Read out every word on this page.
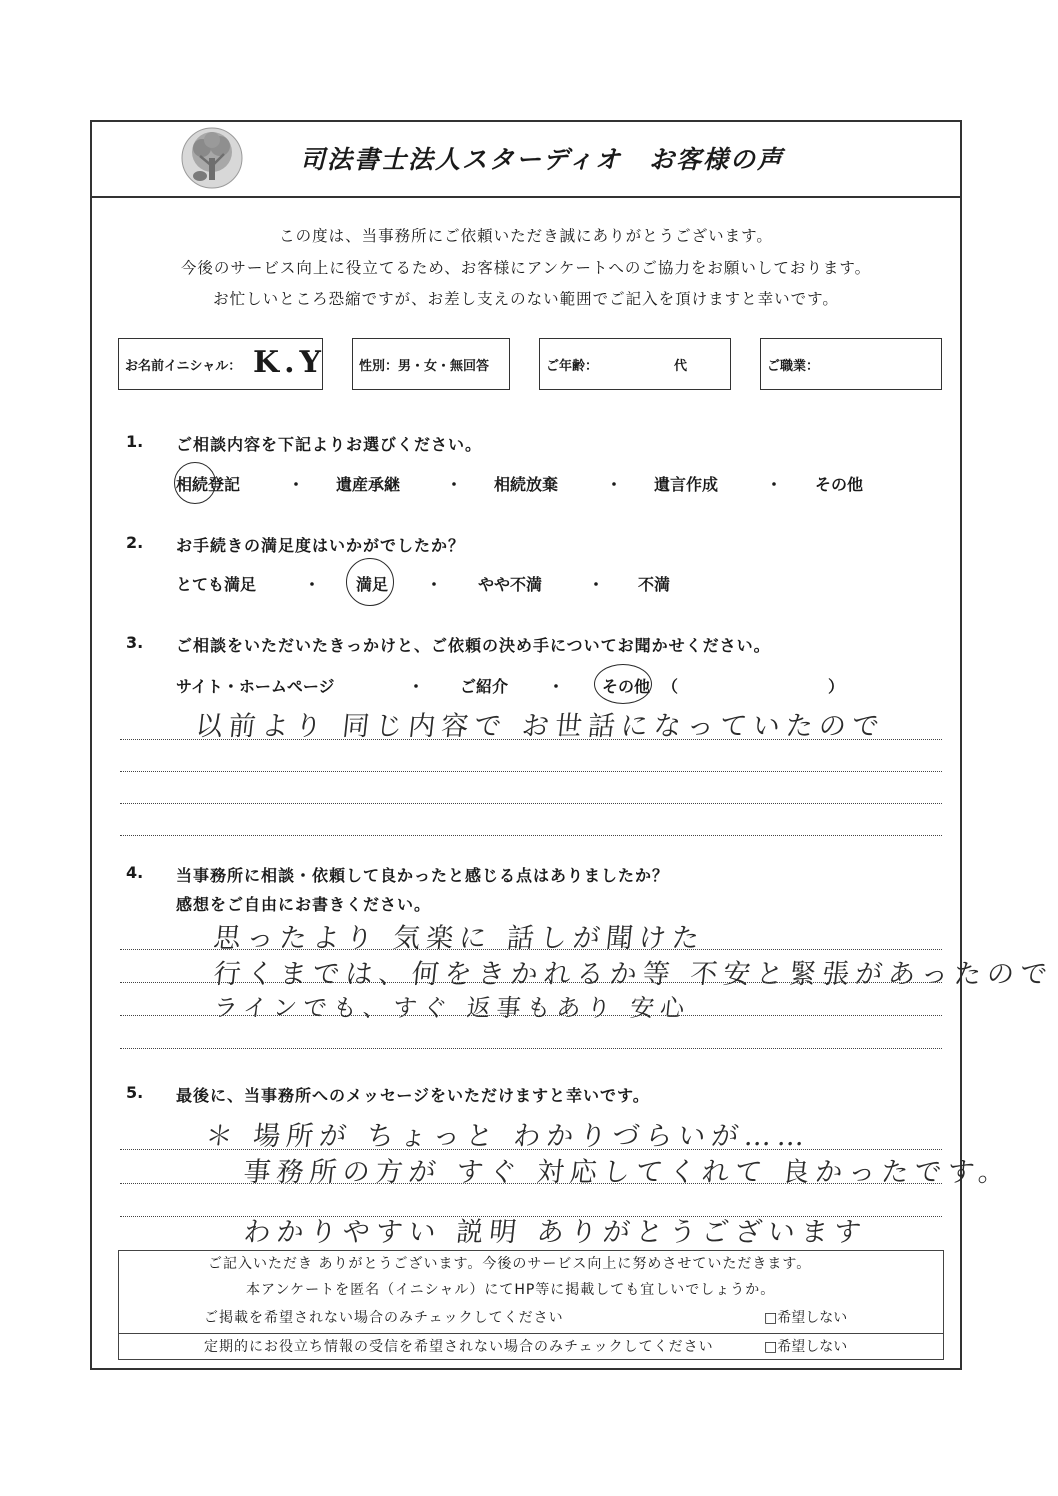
司法書士法人スターディオ　お客様の声
この度は、当事務所にご依頼いただき誠にありがとうございます。
今後のサービス向上に役立てるため、お客様にアンケートへのご協力をお願いしております。
お忙しいところ恐縮ですが、お差し支えのない範囲でご記入を頂けますと幸いです。
お名前イニシャル： K.Y	性別：男・女・無回答	ご年齢：	代	ご職業：
1. ご相談内容を下記よりお選びください。
相続登記	・ 遺産承継	・ 相続放棄	・ 遺言作成	・ その他
2. お手続きの満足度はいかがでしたか？
とても満足	・ 満足 ・ やや不満	・ 不満
3. ご相談をいただいたきっかけと、ご依頼の決め手についてお聞かせください。
サイト・ホームページ	・ ご紹介 ・ その他 （	）
以前より 同じ内容で お世話になっていたので
4. 当事務所に相談・依頼して良かったと感じる点はありましたか？
感想をご自由にお書きください。
思ったより 気楽に 話しが聞けた
行くまでは、何をきかれるか等 不安と緊張があったので
ラインでも、すぐ 返事もあり 安心
5. 最後に、当事務所へのメッセージをいただけますと幸いです。
＊ 場所が ちょっと わかりづらいが……
事務所の方が すぐ 対応してくれて 良かったです。
わかりやすい 説明 ありがとうございます
ご記入いただき ありがとうございます。今後のサービス向上に努めさせていただきます。
本アンケートを匿名（イニシャル）にてHP等に掲載しても宜しいでしょうか。
ご掲載を希望されない場合のみチェックしてください	□希望しない
定期的にお役立ち情報の受信を希望されない場合のみチェックしてください	□希望しない
